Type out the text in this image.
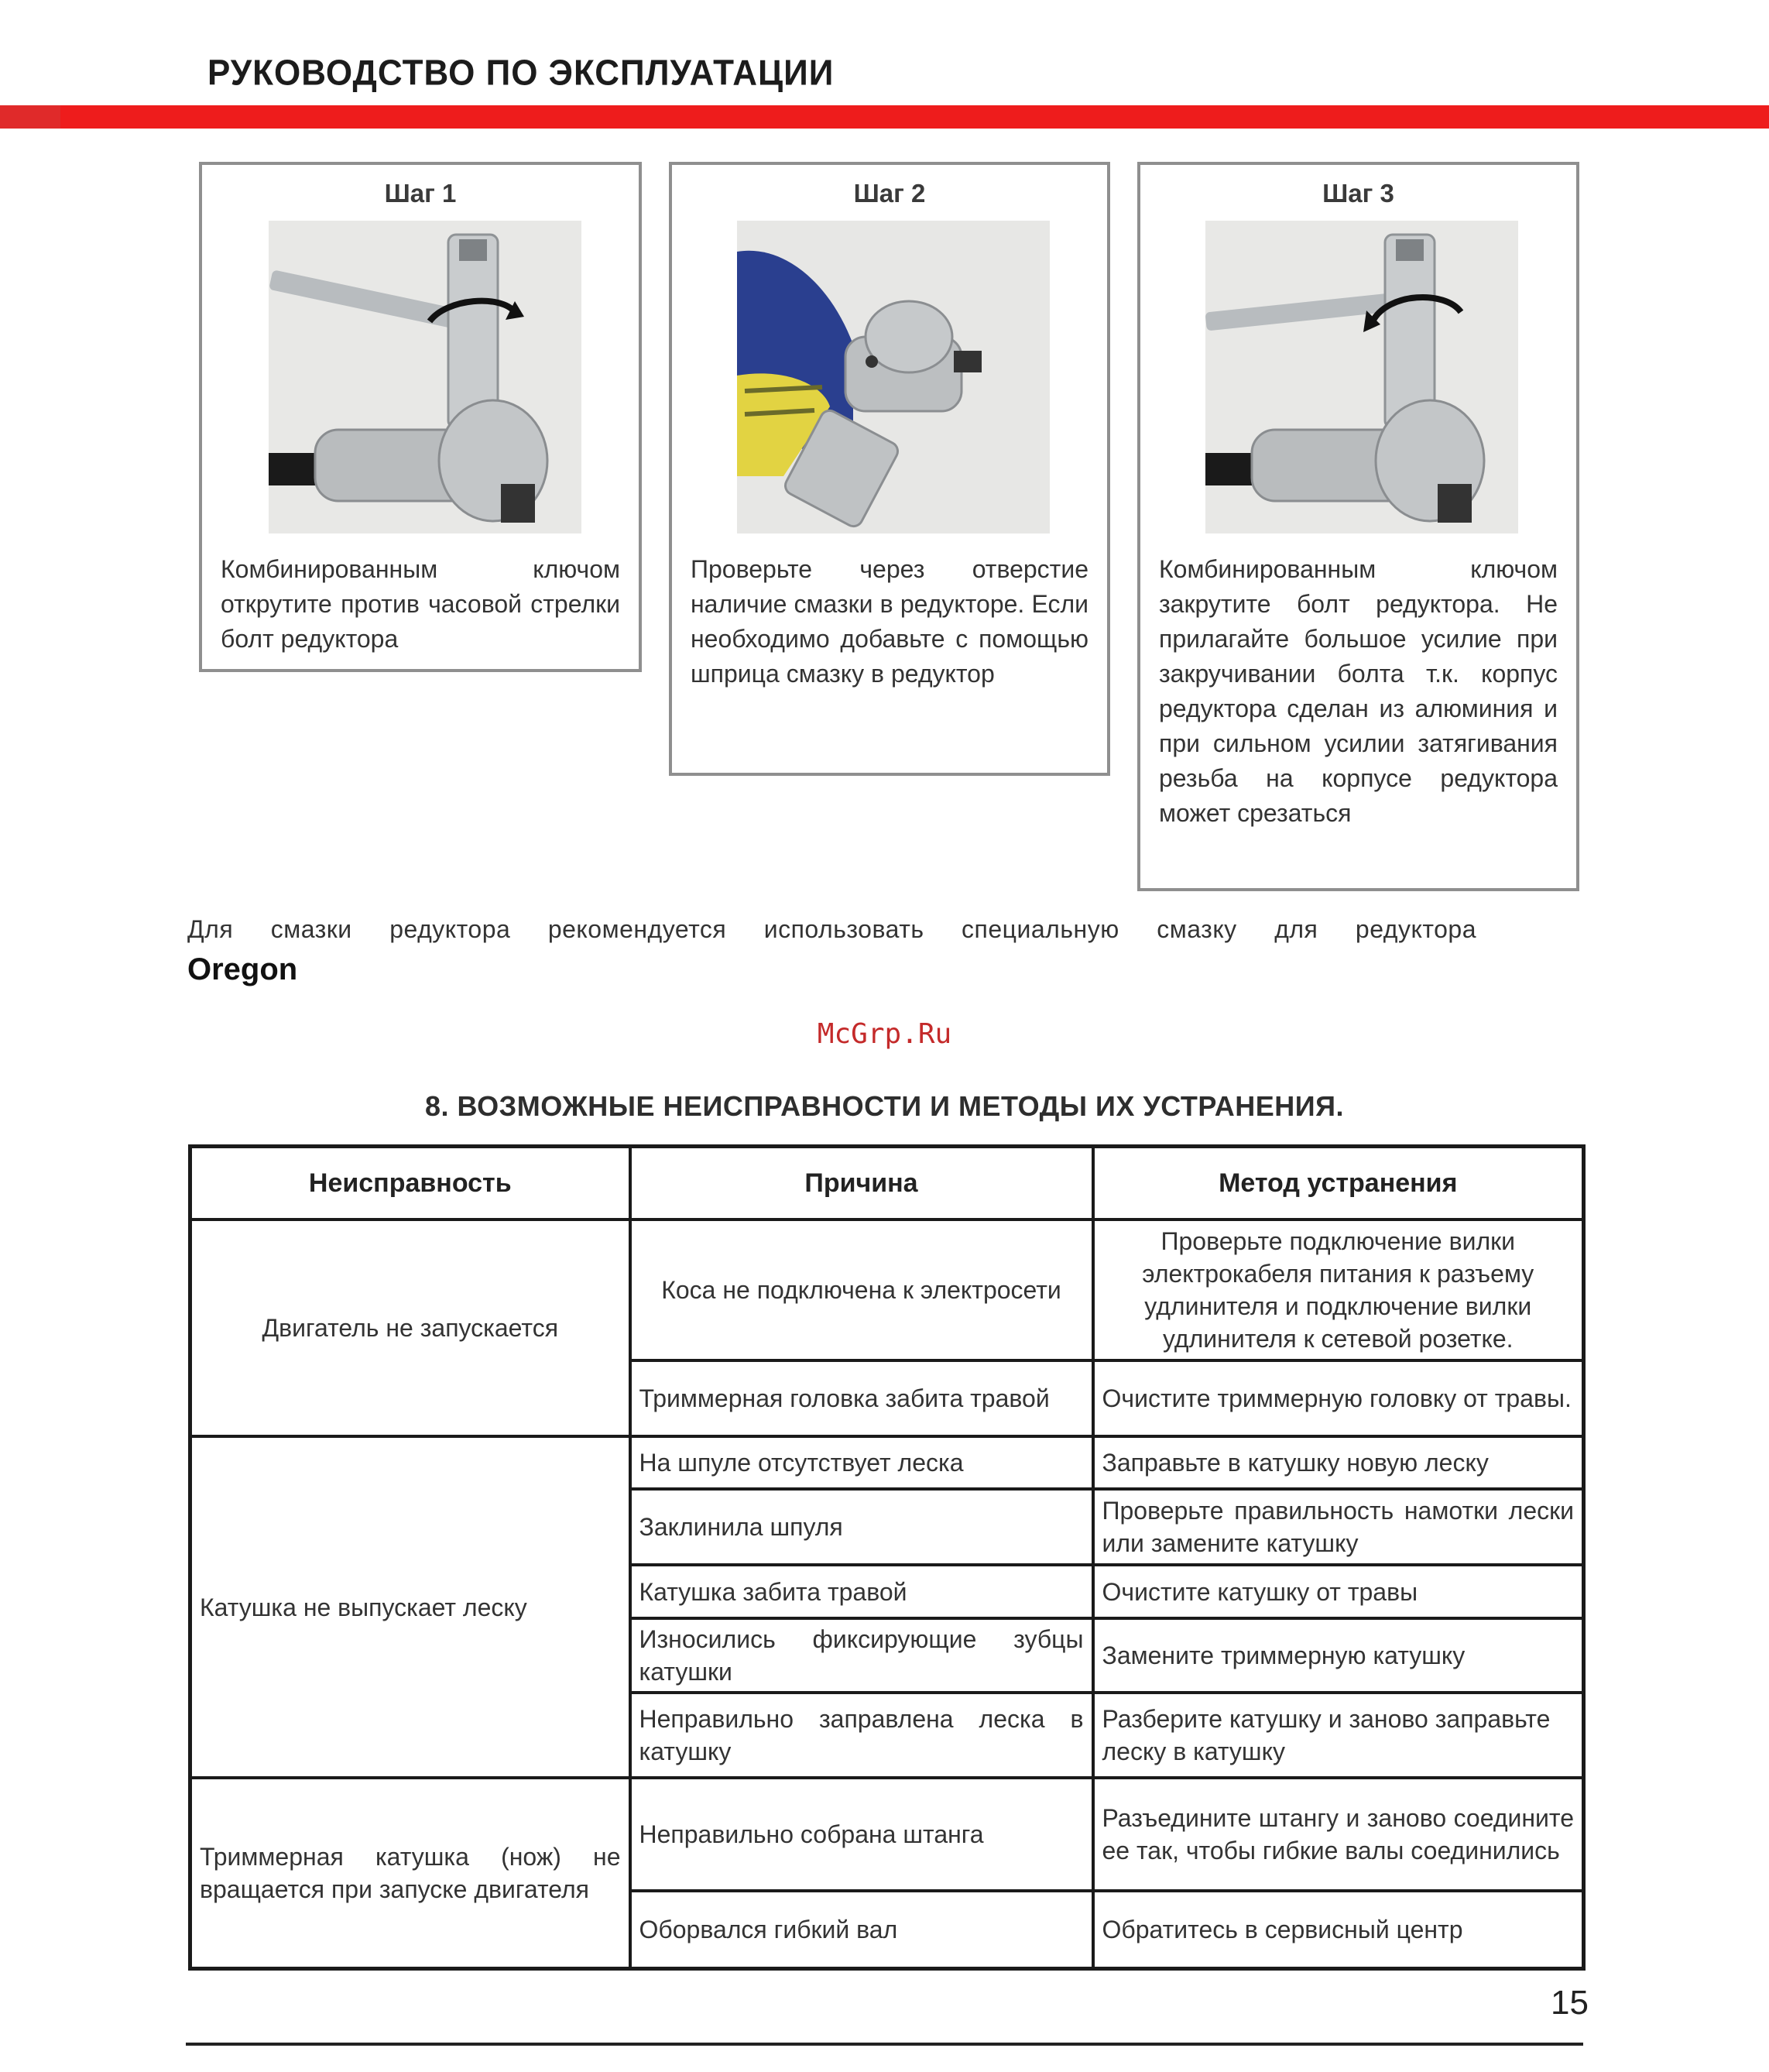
РУКОВОДСТВО ПО ЭКСПЛУАТАЦИИ
Шаг 1
Комбинированным ключом открутите против часовой стрелки болт редуктора
Шаг 2
Проверьте через отверстие наличие смазки в редукторе. Если необходимо добавьте с помощью шприца смазку в редуктор
Шаг 3
Комбинированным ключом закрутите болт редуктора. Не прилагайте большое усилие при закручивании болта т.к. корпус редуктора сделан из алюминия и при сильном усилии затягивания резьба на корпусе редуктора может срезаться
Для смазки редуктора рекомендуется использовать специальную смазку для редуктора
Oregon
McGrp.Ru
8. ВОЗМОЖНЫЕ НЕИСПРАВНОСТИ И МЕТОДЫ ИХ УСТРАНЕНИЯ.
Неисправность	Причина	Метод устранения
Двигатель не запускается	Коса не подключена к электросети	Проверьте подключение вилки электрокабеля питания к разъему удлинителя и подключение вилки удлинителя к сетевой розетке.
	Триммерная головка забита травой	Очистите триммерную головку от травы.
Катушка не выпускает леску	На шпуле отсутствует леска	Заправьте в катушку новую леску
	Заклинила шпуля	Проверьте правильность намотки лески или замените катушку
	Катушка забита травой	Очистите катушку от травы
	Износились фиксирующие зубцы катушки	Замените триммерную катушку
	Неправильно заправлена леска в катушку	Разберите катушку и заново заправьте леску в катушку
Триммерная катушка (нож) не вращается при запуске двигателя	Неправильно собрана штанга	Разъедините штангу и заново соедините ее так, чтобы гибкие валы соединились
	Оборвался гибкий вал	Обратитесь в сервисный центр
15
